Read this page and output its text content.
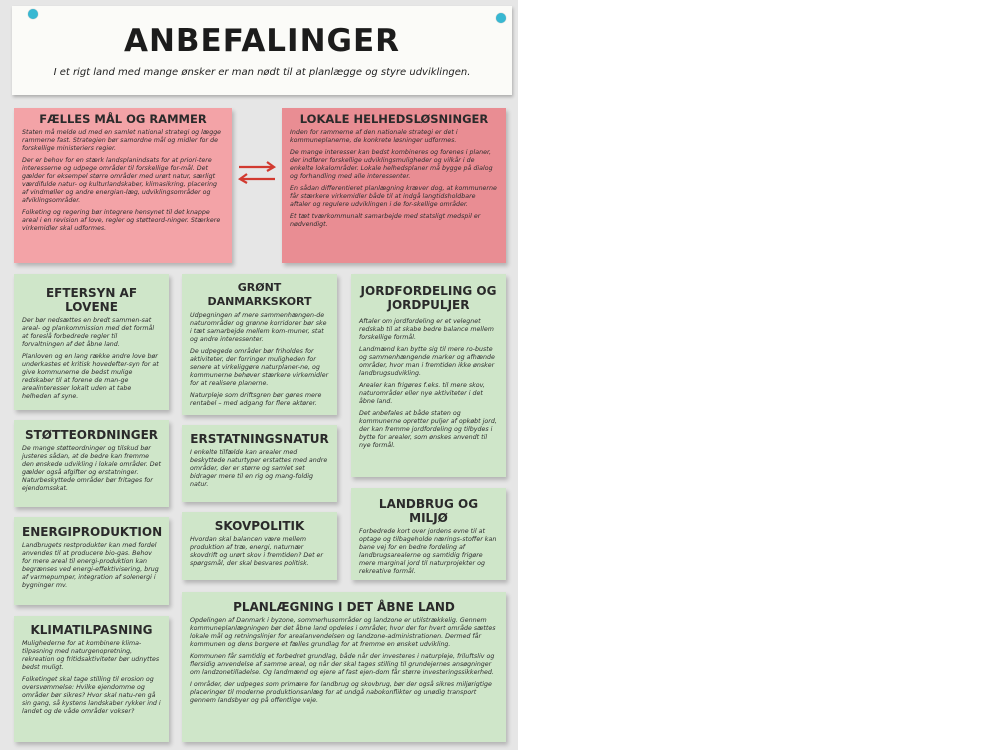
ANBEFALINGER
I et rigt land med mange ønsker er man nødt til at planlægge og styre udviklingen.
FÆLLES MÅL OG RAMMER

Staten må melde ud med en samlet national strategi og lægge rammerne fast. Strategien bør samordne mål og midler for de forskellige ministeriers regier.

Der er behov for en stærk landsplanindsats for at priori-tere interesserne og udpege områder til forskellige for-mål. Det gælder for eksempel større områder med urørt natur, særligt værdifulde natur- og kulturlandskaber, klimasikring, placering af vindmøller og andre energian-læg, udviklingsområder og afviklingsområder.

Folketing og regering bør integrere hensynet til det knappe areal i en revision af love, regler og støtteord-ninger. Stærkere virkemidler skal udformes.

LOKALE HELHEDSLØSNINGER

Inden for rammerne af den nationale strategi er det i kommuneplanerne, de konkrete løsninger udformes.

De mange interesser kan bedst kombineres og forenes i planer, der indfører forskellige udviklingsmuligheder og vilkår i de enkelte lokalområder. Lokale helhedsplaner må bygge på dialog og forhandling med alle interessenter.

En sådan differentieret planlægning kræver dog, at kommunerne får stærkere virkemidler både til at indgå langtidsholdbare aftaler og regulere udviklingen i de for-skellige områder.

Et tæt tværkommunalt samarbejde med statsligt medspil er nødvendigt.

EFTERSYN AF LOVENE

Der bør nedsættes en bredt sammen-sat areal- og plankommission med det formål at foreslå forbedrede regler til forvaltningen af det åbne land.

Planloven og en lang række andre love bør underkastes et kritisk hovedefter-syn for at give kommunerne de bedst mulige redskaber til at forene de man-ge arealinteresser lokalt uden at tabe helheden af syne.

STØTTEORDNINGER

De mange støtteordninger og tilskud bør justeres sådan, at de bedre kan fremme den ønskede udvikling i lokale områder. Det gælder også afgifter og erstatninger. Naturbeskyttede områder bør fritages for ejendomsskat.

ENERGIPRODUKTION

Landbrugets restprodukter kan med fordel anvendes til at producere bio-gas. Behov for mere areal til energi-produktion kan begrænses ved energi-effektivisering, brug af varmepumper, integration af solenergi i bygninger mv.

KLIMATILPASNING

Mulighederne for at kombinere klima-tilpasning med naturgenopretning, rekreation og fritidsaktiviteter bør udnyttes bedst muligt.

Folketinget skal tage stilling til erosion og oversvømmelse: Hvilke ejendomme og områder bør sikres? Hvor skal natu-ren gå sin gang, så kystens landskaber rykker ind i landet og de våde områder vokser?

GRØNT DANMARKSKORT

Udpegningen af mere sammenhængen-de naturområder og grønne korridorer bør ske i tæt samarbejde mellem kom-muner, stat og andre interessenter.

De udpegede områder bør friholdes for aktiviteter, der forringer muligheden for senere at virkeliggøre naturplaner-ne, og kommunerne behøver stærkere virkemidler for at realisere planerne.

Naturpleje som driftsgren bør gøres mere rentabel – med adgang for flere aktører.

ERSTATNINGSNATUR

I enkelte tilfælde kan arealer med beskyttede naturtyper erstattes med andre områder, der er større og samlet set bidrager mere til en rig og mang-foldig natur.

SKOVPOLITIK

Hvordan skal balancen være mellem produktion af træ, energi, naturnær skovdrift og urørt skov i fremtiden? Det er spørgsmål, der skal besvares politisk.

JORDFORDELING OG JORDPULJER

Aftaler om jordfordeling er et velegnet redskab til at skabe bedre balance mellem forskellige formål.

Landmænd kan bytte sig til mere ro-buste og sammenhængende marker og afhænde områder, hvor man i fremtiden ikke ønsker landbrugsudvikling.

Arealer kan frigøres f.eks. til mere skov, naturområder eller nye aktiviteter i det åbne land.

Det anbefales at både staten og kommunerne opretter puljer af opkøbt jord, der kan fremme jordfordeling og tilbydes i bytte for arealer, som ønskes anvendt til nye formål.

LANDBRUG OG MILJØ

Forbedrede kort over jordens evne til at optage og tilbageholde nærings-stoffer kan bane vej for en bedre fordeling af landbrugsarealerne og samtidig frigøre mere marginal jord til naturprojekter og rekreative formål.

PLANLÆGNING I DET ÅBNE LAND

Opdelingen af Danmark i byzone, sommerhusområder og landzone er utilstrækkelig. Gennem kommuneplanlægningen bør det åbne land opdeles i områder, hvor der for hvert område sættes lokale mål og retningslinjer for arealanvendelsen og landzone-administrationen. Dermed får kommunen og dens borgere et fælles grundlag for at fremme en ønsket udvikling.

Kommunen får samtidig et forbedret grundlag, både når der investeres i naturpleje, friluftsliv og flersidig anvendelse af samme areal, og når der skal tages stilling til grundejernes ansøgninger om landzonetilladelse. Og landmænd og ejere af fast ejen-dom får større investeringssikkerhed.

I områder, der udpeges som primære for landbrug og skovbrug, bør der også sikres miljørigtige placeringer til moderne produktionsanlæg for at undgå nabokonflikter og unødig transport gennem landsbyer og på offentlige veje.
